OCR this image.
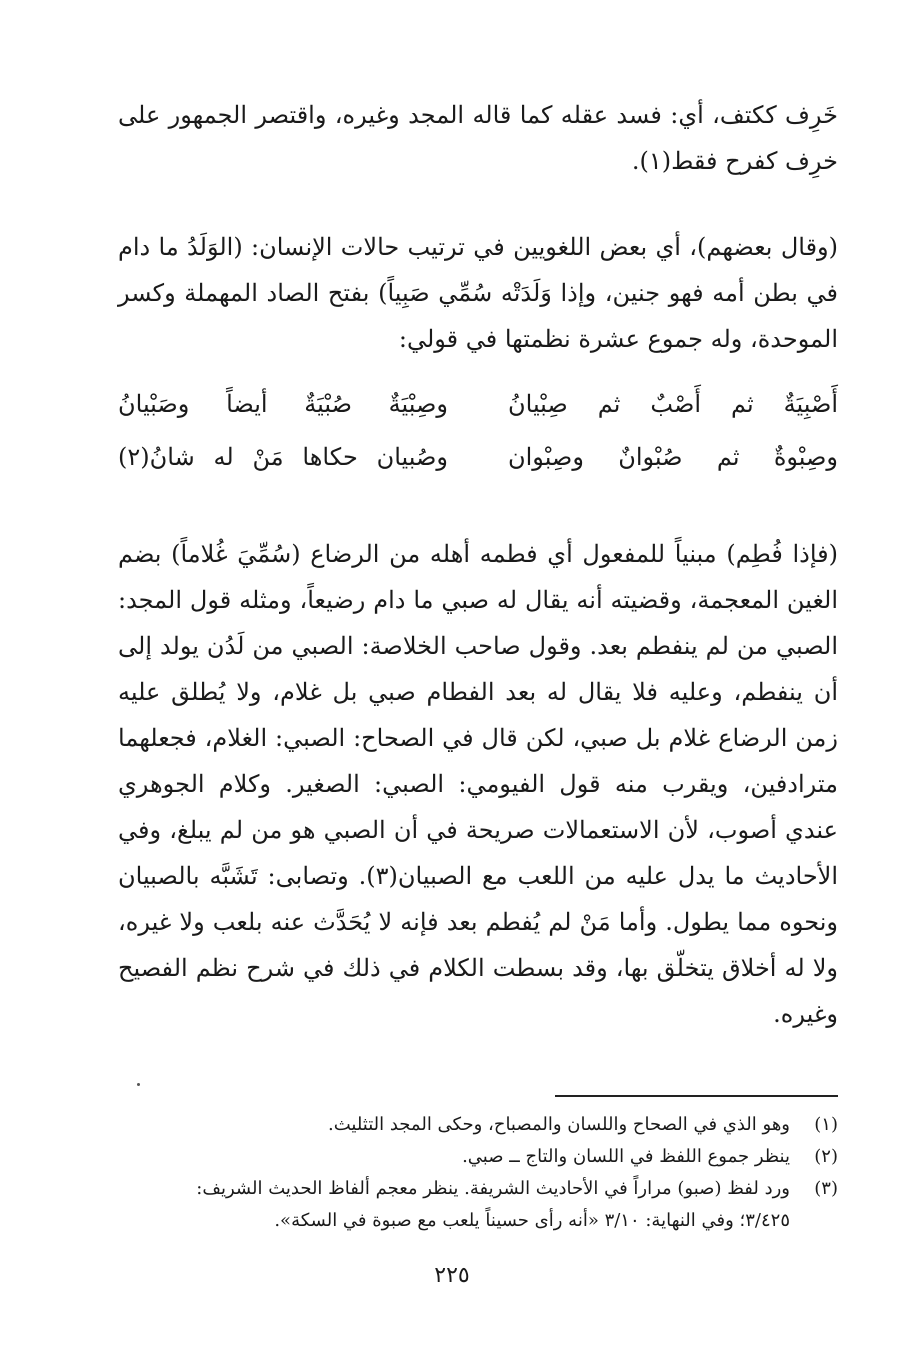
خَرِف ككتف، أي: فسد عقله كما قاله المجد وغيره، واقتصر الجمهور على خرِف كفرح فقط(١).

(وقال بعضهم)، أي بعض اللغويين في ترتيب حالات الإنسان: (الوَلَدُ ما دام في بطن أمه فهو جنين، وإذا وَلَدَتْه سُمِّي صَبِياً) بفتح الصاد المهملة وكسر الموحدة، وله جموع عشرة نظمتها في قولي:

أَصْبِيَةٌ ثم أَصْبٌ ثم صِبْيانُ
وصِبْيَةٌ صُبْيَةٌ أيضاً وصَبْيانُ
وصِبْوةٌ ثم صُبْوانٌ وصِبْوان
وصُبيان حكاها مَنْ له شانُ(٢)

(فإذا فُطِم) مبنياً للمفعول أي فطمه أهله من الرضاع (سُمِّيَ غُلاماً) بضم الغين المعجمة، وقضيته أنه يقال له صبي ما دام رضيعاً، ومثله قول المجد: الصبي من لم ينفطم بعد. وقول صاحب الخلاصة: الصبي من لَدُن يولد إلى أن ينفطم، وعليه فلا يقال له بعد الفطام صبي بل غلام، ولا يُطلق عليه زمن الرضاع غلام بل صبي، لكن قال في الصحاح: الصبي: الغلام، فجعلهما مترادفين، ويقرب منه قول الفيومي: الصبي: الصغير. وكلام الجوهري عندي أصوب، لأن الاستعمالات صريحة في أن الصبي هو من لم يبلغ، وفي الأحاديث ما يدل عليه من اللعب مع الصبيان(٣). وتصابى: تَشَبَّه بالصبيان ونحوه مما يطول. وأما مَنْ لم يُفطم بعد فإنه لا يُحَدَّث عنه بلعب ولا غيره، ولا له أخلاق يتخلّق بها، وقد بسطت الكلام في ذلك في شرح نظم الفصيح وغيره.

(١)
وهو الذي في الصحاح واللسان والمصباح، وحكى المجد التثليث.
(٢)
ينظر جموع اللفظ في اللسان والتاج ــ صبي.
(٣)
ورد لفظ (صبو) مراراً في الأحاديث الشريفة. ينظر معجم ألفاظ الحديث الشريف:
٣/٤٢٥؛ وفي النهاية: ٣/١٠ «أنه رأى حسيناً يلعب مع صبوة في السكة».
٢٢٥
